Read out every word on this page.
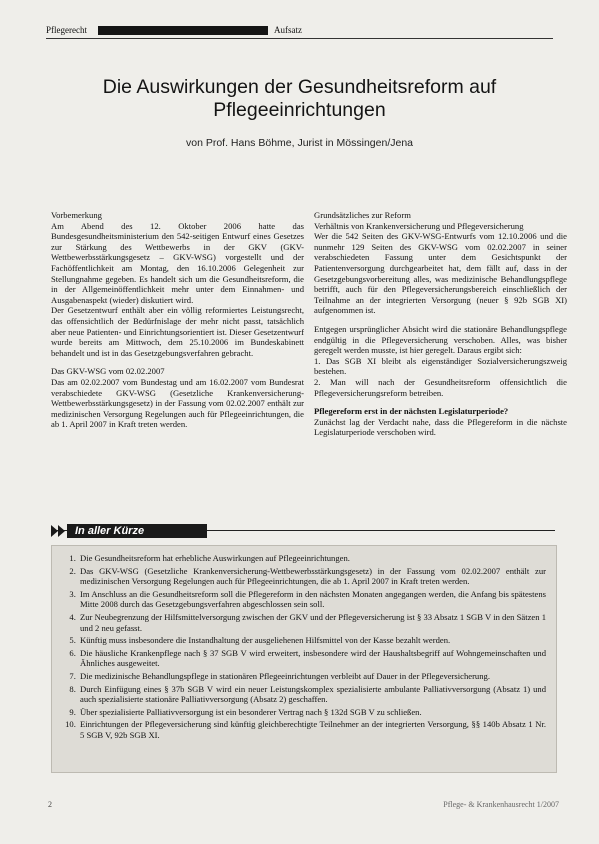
Pflegerecht	Aufsatz
Die Auswirkungen der Gesundheitsreform auf Pflegeeinrichtungen
von Prof. Hans Böhme, Jurist in Mössingen/Jena

Vorbemerkung

Am Abend des 12. Oktober 2006 hatte das Bundesgesundheitsministerium den 542-seitigen Entwurf eines Gesetzes zur Stärkung des Wettbewerbs in der GKV (GKV-Wettbewerbsstärkungsgesetz – GKV-WSG) vorgestellt und der Fachöffentlichkeit am Montag, den 16.10.2006 Gelegenheit zur Stellungnahme gegeben. Es handelt sich um die Gesundheitsreform, die in der Allgemeinöffentlichkeit mehr unter dem Einnahmen- und Ausgabenaspekt (wieder) diskutiert wird.

Der Gesetzentwurf enthält aber ein völlig reformiertes Leistungsrecht, das offensichtlich der Bedürfnislage der mehr nicht passt, tatsächlich aber neue Patienten- und Einrichtungsorientiert ist. Dieser Gesetzentwurf wurde bereits am Mittwoch, dem 25.10.2006 im Bundeskabinett behandelt und ist in das Gesetzgebungsverfahren gebracht.

Das GKV-WSG vom 02.02.2007

Das am 02.02.2007 vom Bundestag und am 16.02.2007 vom Bundesrat verabschiedete GKV-WSG (Gesetzliche Krankenversicherung-Wettbewerbsstärkungsgesetz) in der Fassung vom 02.02.2007 enthält zur medizinischen Versorgung Regelungen auch für Pflegeeinrichtungen, die ab 1. April 2007 in Kraft treten werden.

Grundsätzliches zur Reform

Verhältnis von Krankenversicherung und Pflegeversicherung

Wer die 542 Seiten des GKV-WSG-Entwurfs vom 12.10.2006 und die nunmehr 129 Seiten des GKV-WSG vom 02.02.2007 in seiner verabschiedeten Fassung unter dem Gesichtspunkt der Patientenversorgung durchgearbeitet hat, dem fällt auf, dass in der Gesetzgebungsvorbereitung alles, was medizinische Behandlungspflege betrifft, auch für den Pflegeversicherungsbereich einschließlich der Teilnahme an der integrierten Versorgung (neuer § 92b SGB XI) aufgenommen ist.

Entgegen ursprünglicher Absicht wird die stationäre Behandlungspflege endgültig in die Pflegeversicherung verschoben. Alles, was bisher geregelt werden musste, ist hier geregelt. Daraus ergibt sich:

1. Das SGB XI bleibt als eigenständiger Sozialversicherungszweig bestehen.

2. Man will nach der Gesundheitsreform offensichtlich die Pflegeversicherungsreform betreiben.

Pflegereform erst in der nächsten Legislaturperiode?

Zunächst lag der Verdacht nahe, dass die Pflegereform in die nächste Legislaturperiode verschoben wird.

In aller Kürze
1. Die Gesundheitsreform hat erhebliche Auswirkungen auf Pflegeeinrichtungen.
2. Das GKV-WSG (Gesetzliche Krankenversicherung-Wettbewerbsstärkungsgesetz) in der Fassung vom 02.02.2007 enthält zur medizinischen Versorgung Regelungen auch für Pflegeeinrichtungen, die ab 1. April 2007 in Kraft treten werden.
3. Im Anschluss an die Gesundheitsreform soll die Pflegereform in den nächsten Monaten angegangen werden, die Anfang bis spätestens Mitte 2008 durch das Gesetzgebungsverfahren abgeschlossen sein soll.
4. Zur Neubegrenzung der Hilfsmittelversorgung zwischen der GKV und der Pflegeversicherung ist § 33 Absatz 1 SGB V in den Sätzen 1 und 2 neu gefasst.
5. Künftig muss insbesondere die Instandhaltung der ausgeliehenen Hilfsmittel von der Kasse bezahlt werden.
6. Die häusliche Krankenpflege nach § 37 SGB V wird erweitert, insbesondere wird der Haushaltsbegriff auf Wohngemeinschaften und Ähnliches ausgeweitet.
7. Die medizinische Behandlungspflege in stationären Pflegeeinrichtungen verbleibt auf Dauer in der Pflegeversicherung.
8. Durch Einfügung eines § 37b SGB V wird ein neuer Leistungskomplex spezialisierte ambulante Palliativversorgung (Absatz 1) und auch spezialisierte stationäre Palliativversorgung (Absatz 2) geschaffen.
9. Über spezialisierte Palliativversorgung ist ein besonderer Vertrag nach § 132d SGB V zu schließen.
10. Einrichtungen der Pflegeversicherung sind künftig gleichberechtigte Teilnehmer an der integrierten Versorgung, §§ 140b Absatz 1 Nr. 5 SGB V, 92b SGB XI.
2	Pflege- & Krankenhausrecht 1/2007
